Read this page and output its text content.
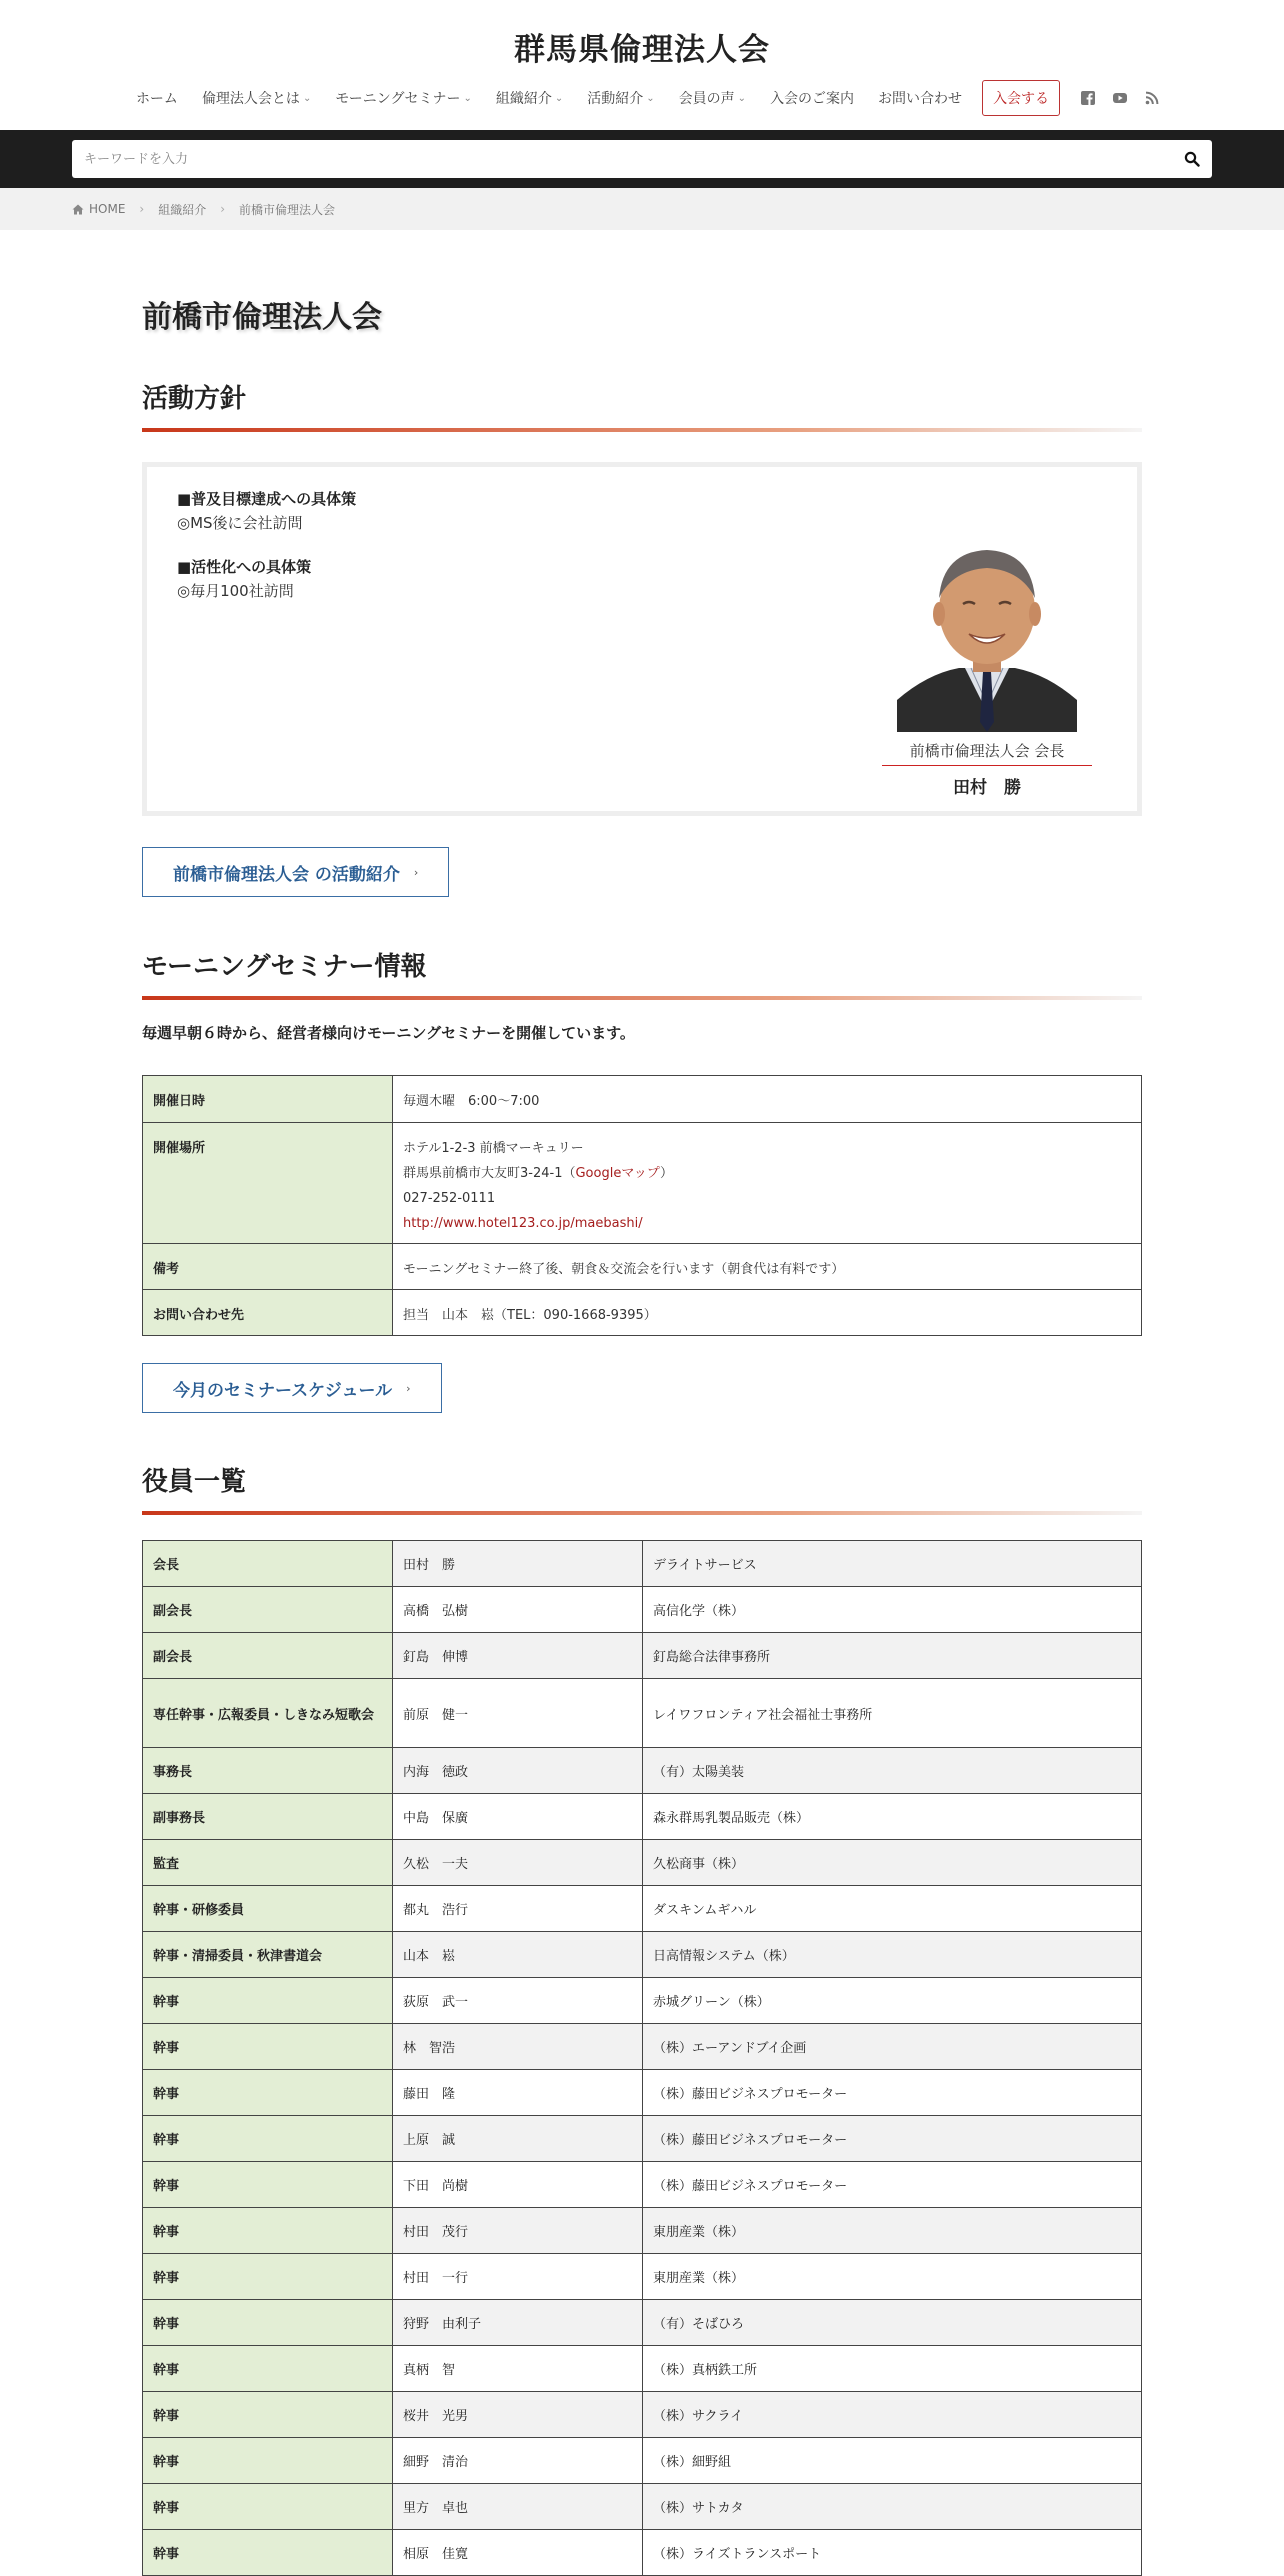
群馬県倫理法人会
ホーム 倫理法人会とは ⌄ モーニングセミナー ⌄ 組織紹介 ⌄ 活動紹介 ⌄ 会員の声 ⌄ 入会のご案内 お問い合わせ	入会する
キーワードを入力
HOME › 組織紹介 › 前橋市倫理法人会
前橋市倫理法人会
活動方針
■普及目標達成への具体策
◎MS後に会社訪問
■活性化への具体策
◎毎月100社訪問
前橋市倫理法人会 会長
田村　勝
前橋市倫理法人会 の活動紹介 ›
モーニングセミナー情報

毎週早朝６時から、経営者様向けモーニングセミナーを開催しています。

開催日時	毎週木曜　6:00～7:00
開催場所	ホテル1-2-3 前橋マーキュリー
群馬県前橋市大友町3-24-1（Googleマップ）
027-252-0111
http://www.hotel123.co.jp/maebashi/

備考	モーニングセミナー終了後、朝食＆交流会を行います（朝食代は有料です）
お問い合わせ先	担当　山本　崧（TEL：090-1668-9395）
今月のセミナースケジュール ›
役員一覧
会長	田村　勝	デライトサービス
副会長	高橋　弘樹	高信化学（株）
副会長	釘島　伸博	釘島総合法律事務所
専任幹事・広報委員・しきなみ短歌会	前原　健一	レイワフロンティア社会福祉士事務所
事務長	内海　徳政	（有）太陽美装
副事務長	中島　保廣	森永群馬乳製品販売（株）
監査	久松　一夫	久松商事（株）
幹事・研修委員	都丸　浩行	ダスキンムギハル
幹事・清掃委員・秋津書道会	山本　崧	日高情報システム（株）
幹事	荻原　武一	赤城グリーン（株）
幹事	林　智浩	（株）エーアンドブイ企画
幹事	藤田　隆	（株）藤田ビジネスプロモーター
幹事	上原　誠	（株）藤田ビジネスプロモーター
幹事	下田　尚樹	（株）藤田ビジネスプロモーター
幹事	村田　茂行	東朋産業（株）
幹事	村田　一行	東朋産業（株）
幹事	狩野　由利子	（有）そばひろ
幹事	真柄　智	（株）真柄鉄工所
幹事	桜井　光男	（株）サクライ
幹事	細野　清治	（株）細野組
幹事	里方　卓也	（株）サトカタ
幹事	相原　佳寛	（株）ライズトランスポート
